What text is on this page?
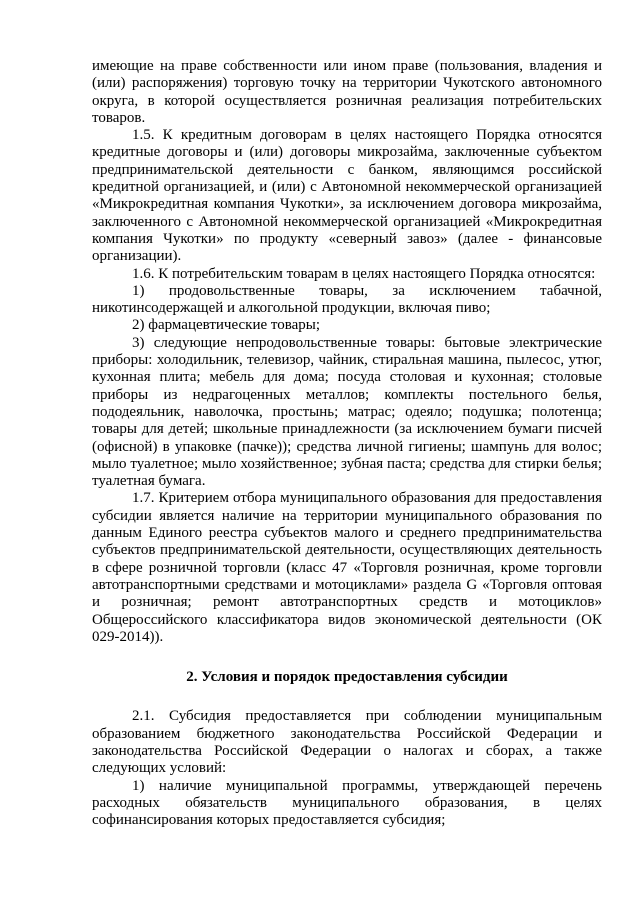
имеющие на праве собственности или ином праве (пользования, владения и (или) распоряжения) торговую точку на территории Чукотского автономного округа, в которой осуществляется розничная реализация потребительских товаров.

1.5. К кредитным договорам в целях настоящего Порядка относятся кредитные договоры и (или) договоры микрозайма, заключенные субъектом предпринимательской деятельности с банком, являющимся российской кредитной организацией, и (или) с Автономной некоммерческой организацией «Микрокредитная компания Чукотки», за исключением договора микрозайма, заключенного с Автономной некоммерческой организацией «Микрокредитная компания Чукотки» по продукту «северный завоз» (далее - финансовые организации).

1.6. К потребительским товарам в целях настоящего Порядка относятся:

1) продовольственные товары, за исключением табачной, никотинсодержащей и алкогольной продукции, включая пиво;

2) фармацевтические товары;

3) следующие непродовольственные товары: бытовые электрические приборы: холодильник, телевизор, чайник, стиральная машина, пылесос, утюг, кухонная плита; мебель для дома; посуда столовая и кухонная; столовые приборы из недрагоценных металлов; комплекты постельного белья, пододеяльник, наволочка, простынь; матрас; одеяло; подушка; полотенца; товары для детей; школьные принадлежности (за исключением бумаги писчей (офисной) в упаковке (пачке)); средства личной гигиены; шампунь для волос; мыло туалетное; мыло хозяйственное; зубная паста; средства для стирки белья; туалетная бумага.

1.7. Критерием отбора муниципального образования для предоставления субсидии является наличие на территории муниципального образования по данным Единого реестра субъектов малого и среднего предпринимательства субъектов предпринимательской деятельности, осуществляющих деятельность в сфере розничной торговли (класс 47 «Торговля розничная, кроме торговли автотранспортными средствами и мотоциклами» раздела G «Торговля оптовая и розничная; ремонт автотранспортных средств и мотоциклов» Общероссийского классификатора видов экономической деятельности (ОК 029-2014)).

2. Условия и порядок предоставления субсидии

2.1. Субсидия предоставляется при соблюдении муниципальным образованием бюджетного законодательства Российской Федерации и законодательства Российской Федерации о налогах и сборах, а также следующих условий:

1) наличие муниципальной программы, утверждающей перечень расходных обязательств муниципального образования, в целях софинансирования которых предоставляется субсидия;
